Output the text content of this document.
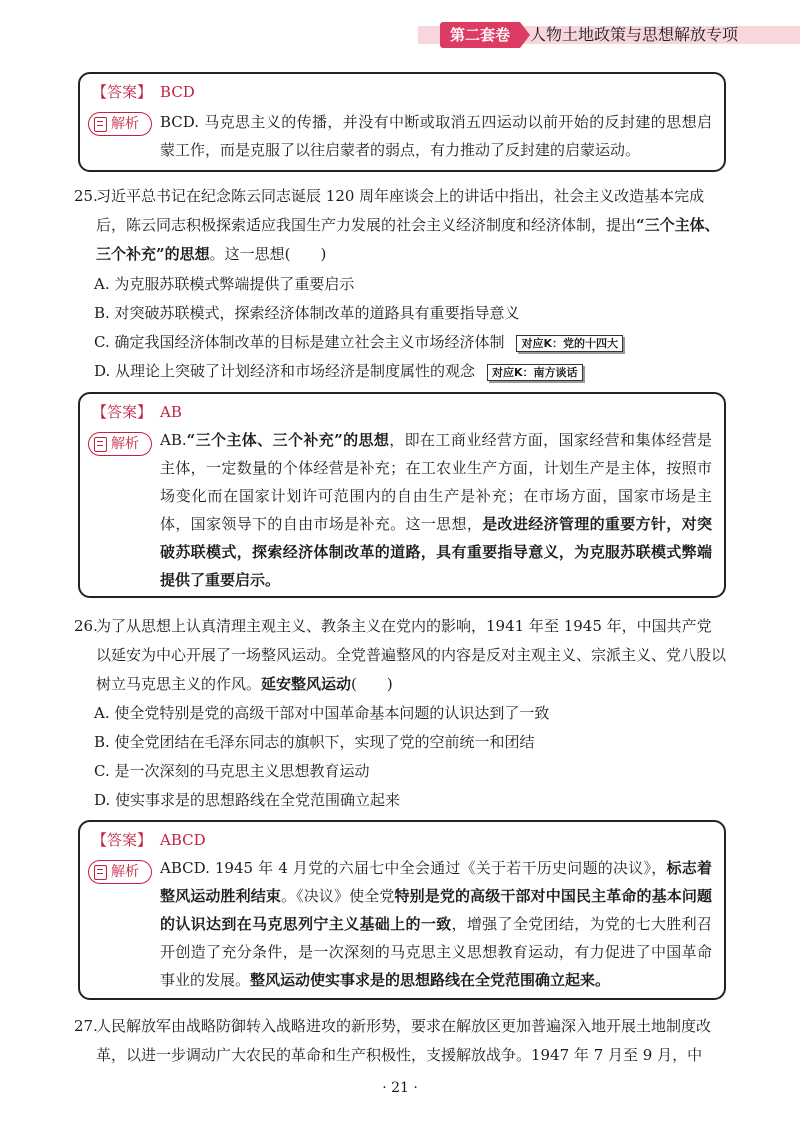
第二套卷	人物土地政策与思想解放专项
【答案】 BCD
解析 BCD. 马克思主义的传播，并没有中断或取消五四运动以前开始的反封建的思想启蒙工作，而是克服了以往启蒙者的弱点，有力推动了反封建的启蒙运动。
25.
习近平总书记在纪念陈云同志诞辰 120 周年座谈会上的讲话中指出，社会主义改造基本完成后，陈云同志积极探索适应我国生产力发展的社会主义经济制度和经济体制，提出“三个主体、三个补充”的思想。这一思想(　　)
A. 为克服苏联模式弊端提供了重要启示
B. 对突破苏联模式，探索经济体制改革的道路具有重要指导意义
C. 确定我国经济体制改革的目标是建立社会主义市场经济体制 对应K：党的十四大
D. 从理论上突破了计划经济和市场经济是制度属性的观念 对应K：南方谈话
【答案】 AB
解析 AB.“三个主体、三个补充”的思想，即在工商业经营方面，国家经营和集体经营是主体，一定数量的个体经营是补充；在工农业生产方面，计划生产是主体，按照市场变化而在国家计划许可范围内的自由生产是补充；在市场方面，国家市场是主体，国家领导下的自由市场是补充。这一思想，是改进经济管理的重要方针，对突破苏联模式，探索经济体制改革的道路，具有重要指导意义，为克服苏联模式弊端提供了重要启示。
26.
为了从思想上认真清理主观主义、教条主义在党内的影响，1941 年至 1945 年，中国共产党以延安为中心开展了一场整风运动。全党普遍整风的内容是反对主观主义、宗派主义、党八股以树立马克思主义的作风。延安整风运动(　　)
A. 使全党特别是党的高级干部对中国革命基本问题的认识达到了一致
B. 使全党团结在毛泽东同志的旗帜下，实现了党的空前统一和团结
C. 是一次深刻的马克思主义思想教育运动
D. 使实事求是的思想路线在全党范围确立起来
【答案】 ABCD
解析 ABCD. 1945 年 4 月党的六届七中全会通过《关于若干历史问题的决议》，标志着整风运动胜利结束。《决议》使全党特别是党的高级干部对中国民主革命的基本问题的认识达到在马克思列宁主义基础上的一致，增强了全党团结，为党的七大胜利召开创造了充分条件，是一次深刻的马克思主义思想教育运动，有力促进了中国革命事业的发展。整风运动使实事求是的思想路线在全党范围确立起来。
27.
人民解放军由战略防御转入战略进攻的新形势，要求在解放区更加普遍深入地开展土地制度改革，以进一步调动广大农民的革命和生产积极性，支援解放战争。1947 年 7 月至 9 月，中
· 21 ·
